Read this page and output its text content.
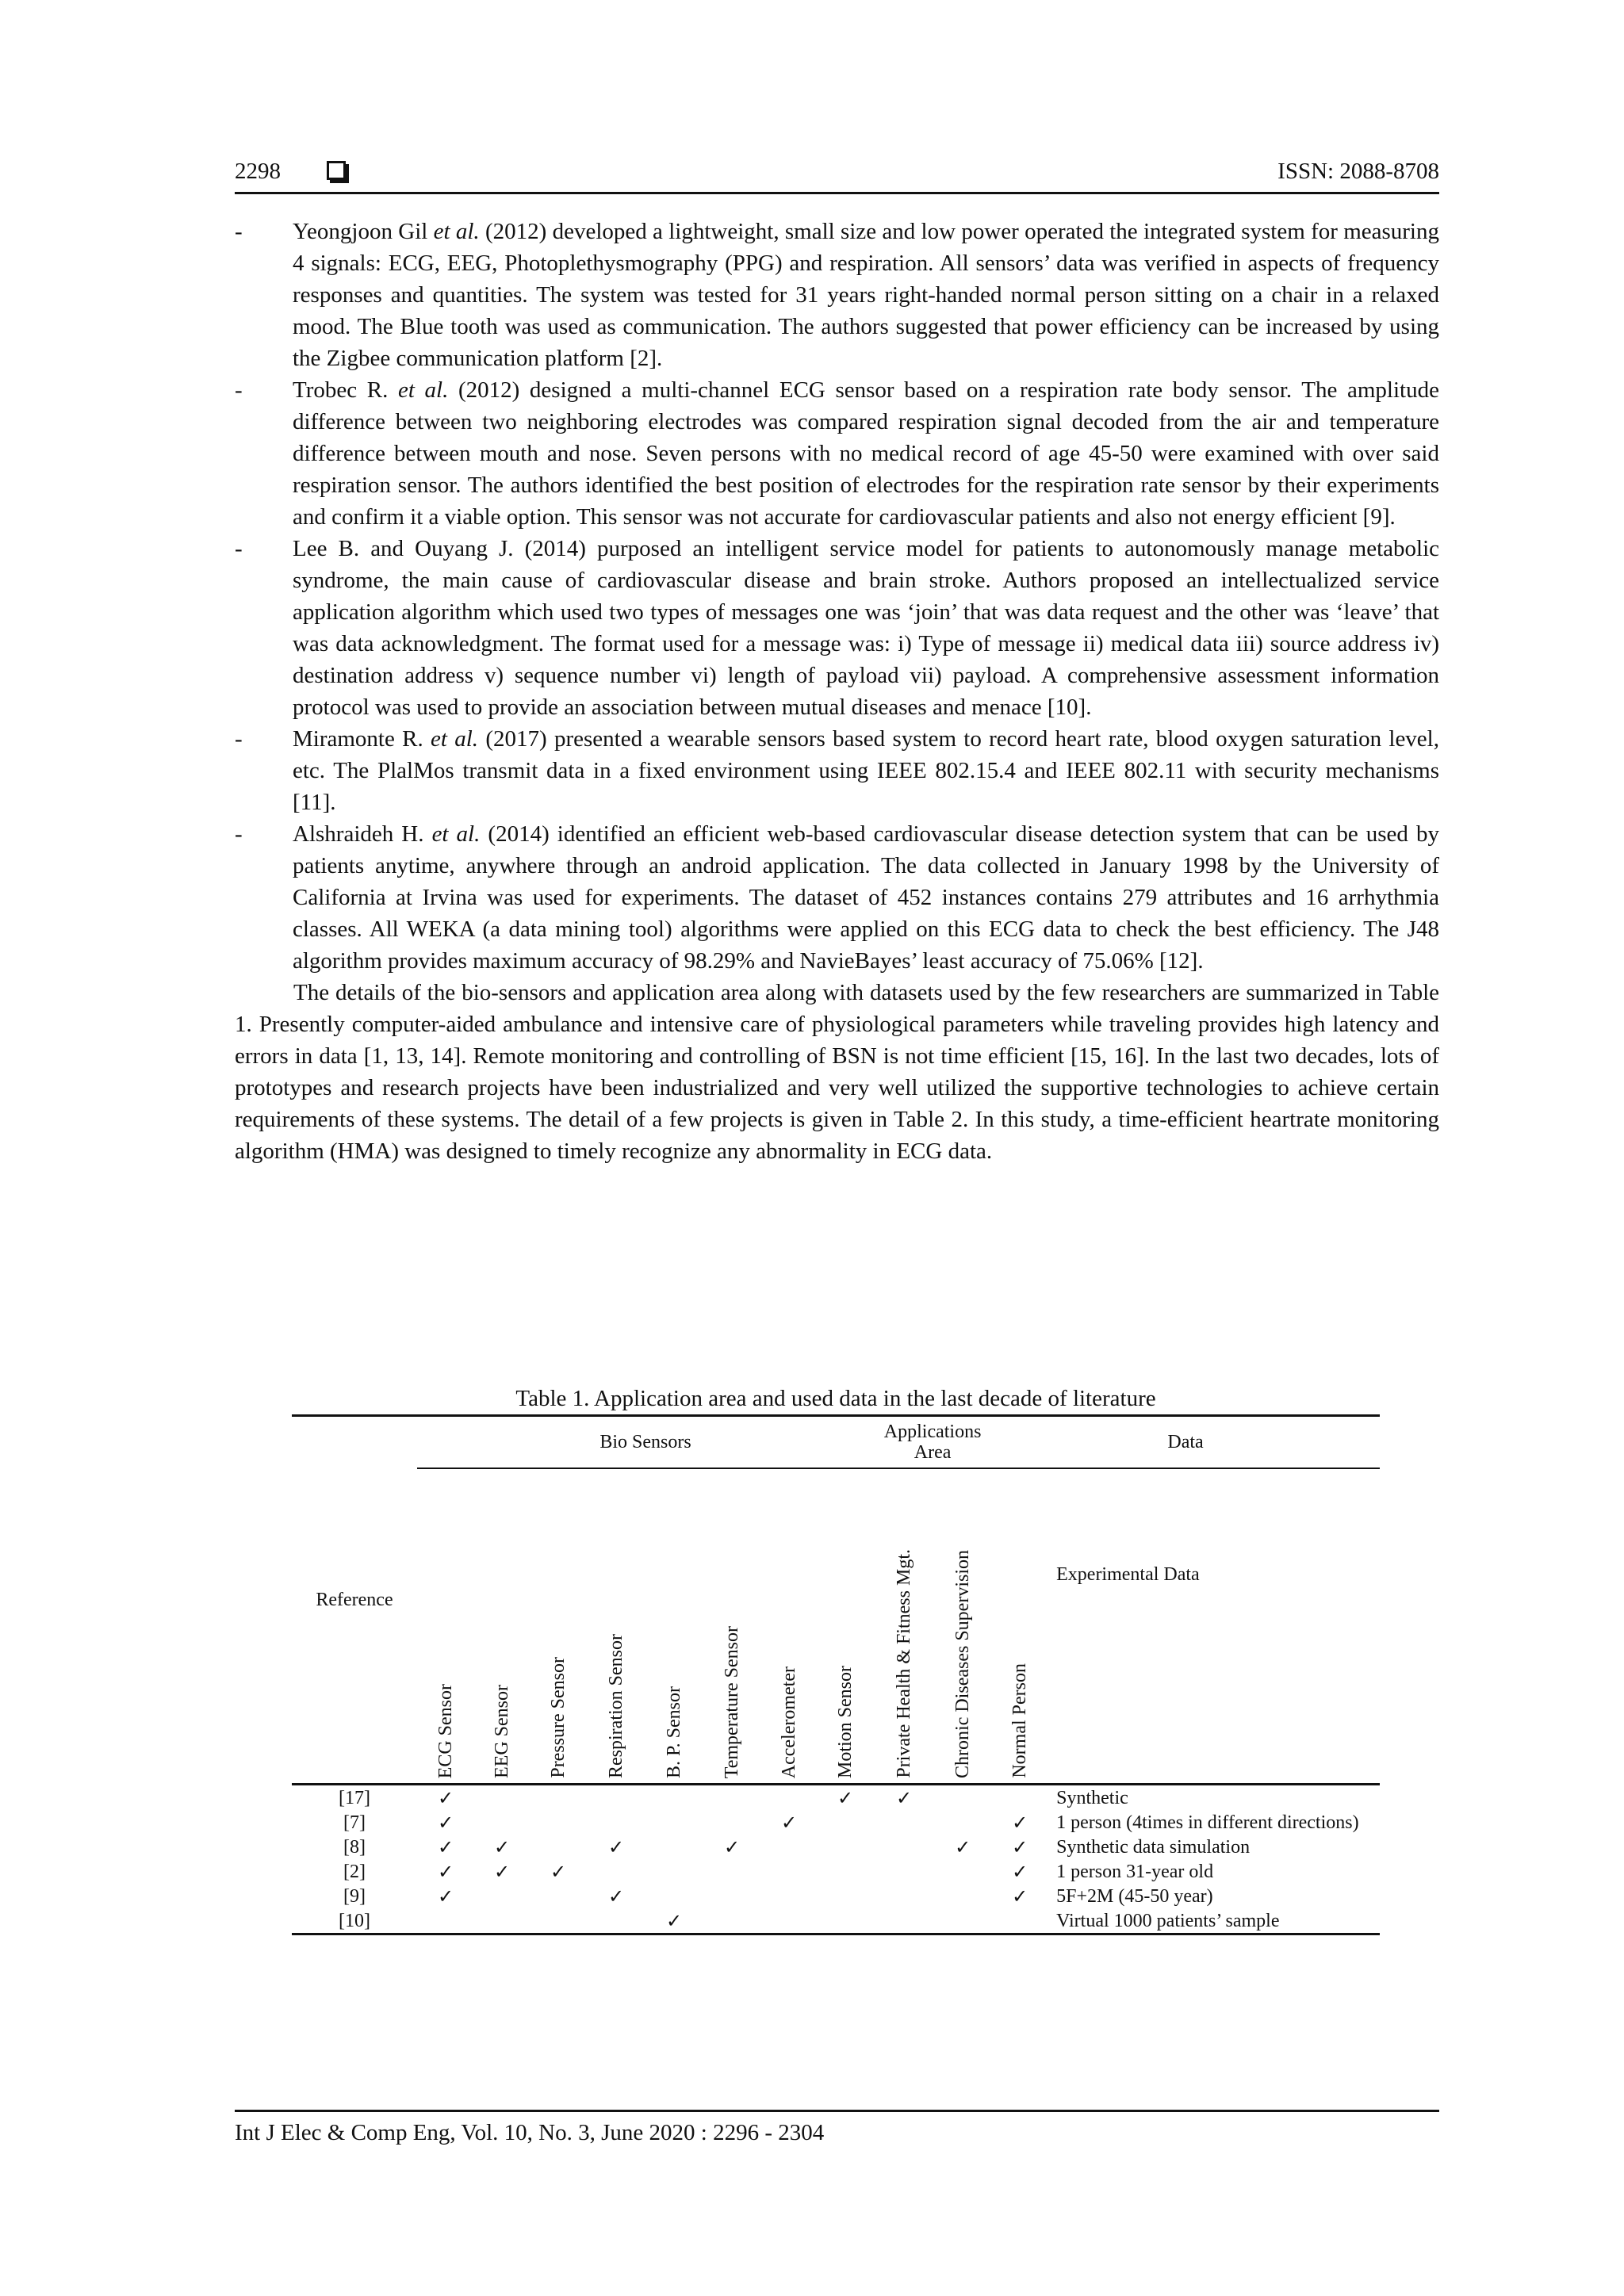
2298	ISSN: 2088-8708
- Yeongjoon Gil et al. (2012) developed a lightweight, small size and low power operated the integrated system for measuring 4 signals: ECG, EEG, Photoplethysmography (PPG) and respiration. All sensors’ data was verified in aspects of frequency responses and quantities. The system was tested for 31 years right-handed normal person sitting on a chair in a relaxed mood. The Blue tooth was used as communication. The authors suggested that power efficiency can be increased by using the Zigbee communication platform [2].
- Trobec R. et al. (2012) designed a multi-channel ECG sensor based on a respiration rate body sensor. The amplitude difference between two neighboring electrodes was compared respiration signal decoded from the air and temperature difference between mouth and nose. Seven persons with no medical record of age 45-50 were examined with over said respiration sensor. The authors identified the best position of electrodes for the respiration rate sensor by their experiments and confirm it a viable option. This sensor was not accurate for cardiovascular patients and also not energy efficient [9].
- Lee B. and Ouyang J. (2014) purposed an intelligent service model for patients to autonomously manage metabolic syndrome, the main cause of cardiovascular disease and brain stroke. Authors proposed an intellectualized service application algorithm which used two types of messages one was ‘join’ that was data request and the other was ‘leave’ that was data acknowledgment. The format used for a message was: i) Type of message ii) medical data iii) source address iv) destination address v) sequence number vi) length of payload vii) payload. A comprehensive assessment information protocol was used to provide an association between mutual diseases and menace [10].
- Miramonte R. et al. (2017) presented a wearable sensors based system to record heart rate, blood oxygen saturation level, etc. The PlalMos transmit data in a fixed environment using IEEE 802.15.4 and IEEE 802.11 with security mechanisms [11].
- Alshraideh H. et al. (2014) identified an efficient web-based cardiovascular disease detection system that can be used by patients anytime, anywhere through an android application. The data collected in January 1998 by the University of California at Irvina was used for experiments. The dataset of 452 instances contains 279 attributes and 16 arrhythmia classes. All WEKA (a data mining tool) algorithms were applied on this ECG data to check the best efficiency. The J48 algorithm provides maximum accuracy of 98.29% and NavieBayes’ least accuracy of 75.06% [12].

The details of the bio-sensors and application area along with datasets used by the few researchers are summarized in Table 1. Presently computer-aided ambulance and intensive care of physiological parameters while traveling provides high latency and errors in data [1, 13, 14]. Remote monitoring and controlling of BSN is not time efficient [15, 16]. In the last two decades, lots of prototypes and research projects have been industrialized and very well utilized the supportive technologies to achieve certain requirements of these systems. The detail of a few projects is given in Table 2. In this study, a time-efficient heartrate monitoring algorithm (HMA) was designed to timely recognize any abnormality in ECG data.

Table 1. Application area and used data in the last decade of literature
Reference	Bio Sensors								Applications Area		Data	
	ECG Sensor	EEG Sensor	Pressure Sensor	Respiration Sensor	B. P. Sensor	Temperature Sensor	Accelerometer	Motion Sensor	Private Health & Fitness Mgt.	Chronic Diseases Supervision	Normal Person	Experimental Data
[17]	✓							✓	✓			Synthetic
[7]	✓						✓				✓	1 person (4times in different directions)
[8]	✓	✓		✓		✓				✓	✓	Synthetic data simulation
[2]	✓	✓	✓								✓	1 person 31-year old
[9]	✓			✓							✓	5F+2M (45-50 year)
[10]					✓							Virtual 1000 patients’ sample
Int J Elec & Comp Eng, Vol. 10, No. 3, June 2020 : 2296 - 2304
